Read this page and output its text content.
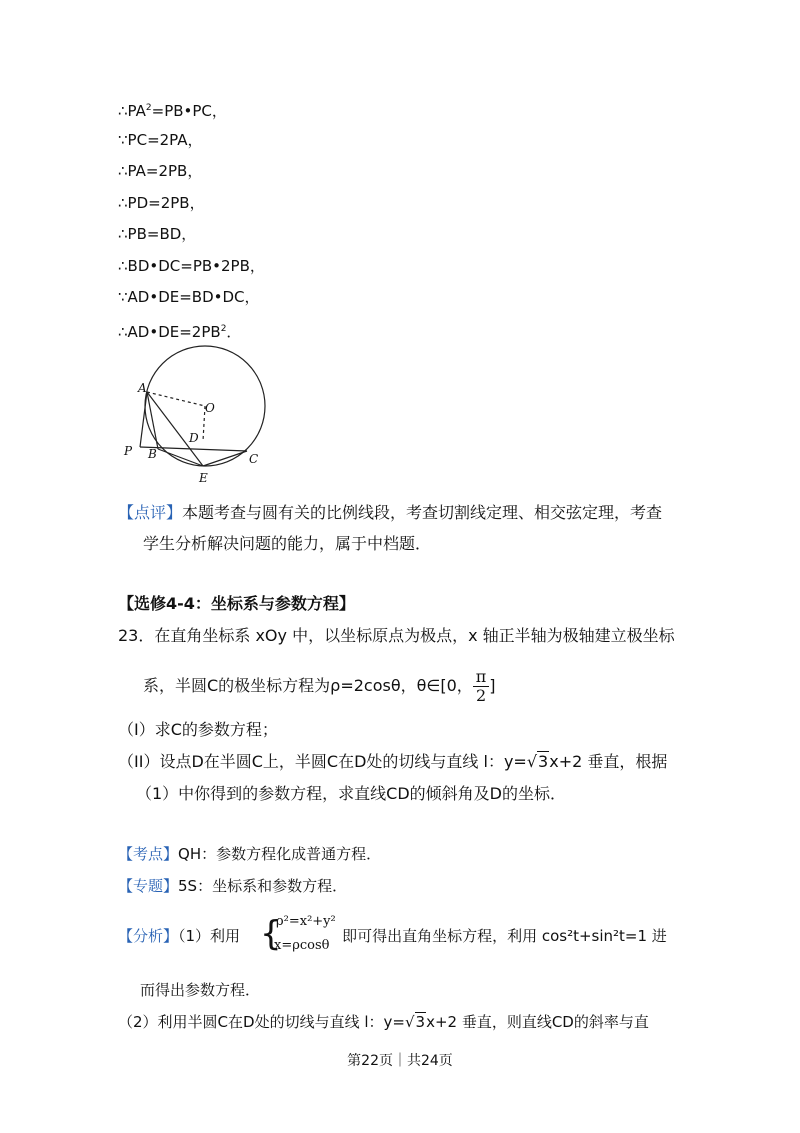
$\therefore PA^2=PB•PC$，
∵PC=2PA，
∴PA=2PB，
∴PD=2PB，
∴PB=BD，
∴BD•DC=PB•2PB，
∵AD•DE=BD•DC，
$\therefore AD•DE=2PB^2$．
A
O
D
P B
E
C
【点评】本题考查与圆有关的比例线段，考查切割线定理、相交弦定理，考查
学生分析解决问题的能力，属于中档题．
【选修4-4：坐标系与参数方程】
23．在直角坐标系 xOy 中，以坐标原点为极点，x 轴正半轴为极轴建立极坐标
系，半圆C的极坐标方程为ρ=2cosθ，θ∈[0， $\frac{\pi}{2}$ ]
（I）求C的参数方程；
（II）设点D在半圆C上，半圆C在D处的切线与直线 l：y=√3x+2 垂直，根据
（1）中你得到的参数方程，求直线CD的倾斜角及D的坐标．
【考点】QH：参数方程化成普通方程．
【专题】5S：坐标系和参数方程．
【分析】（1）利用	即可得出直角坐标方程，利用 cos²t+sin²t=1 进
{
ρ²=x²+y²
x=ρcosθ
而得出参数方程．
（2）利用半圆C在D处的切线与直线 l：y=√3x+2 垂直，则直线CD的斜率与直
第22页｜共24页
